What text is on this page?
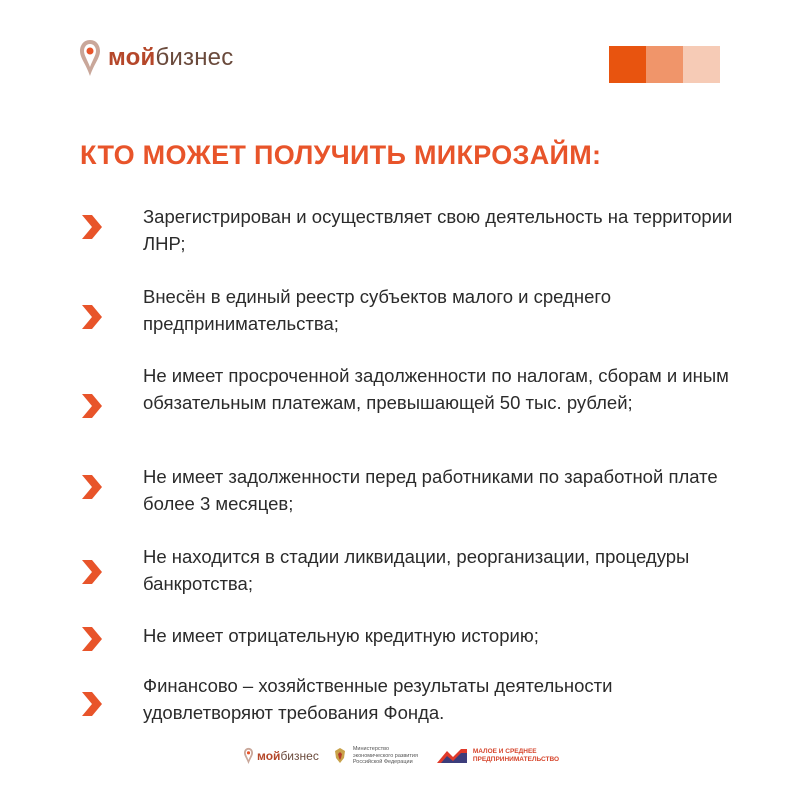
мойбизнес
КТО МОЖЕТ ПОЛУЧИТЬ МИКРОЗАЙМ:

Зарегистрирован и осуществляет свою деятельность на территории ЛНР;

Внесён в единый реестр субъектов малого и среднего предпринимательства;

Не имеет просроченной задолженности по налогам, сборам и иным обязательным платежам, превышающей 50 тыс. рублей;

Не имеет задолженности перед работниками по заработной плате более 3 месяцев;

Не находится в стадии ликвидации, реорганизации, процедуры банкротства;

Не имеет отрицательную кредитную историю;

Финансово – хозяйственные результаты деятельности удовлетворяют требования Фонда.

мойбизнес	Министерство экономического развития Российской Федерации
МАЛОЕ И СРЕДНЕЕ ПРЕДПРИНИМАТЕЛЬСТВО
